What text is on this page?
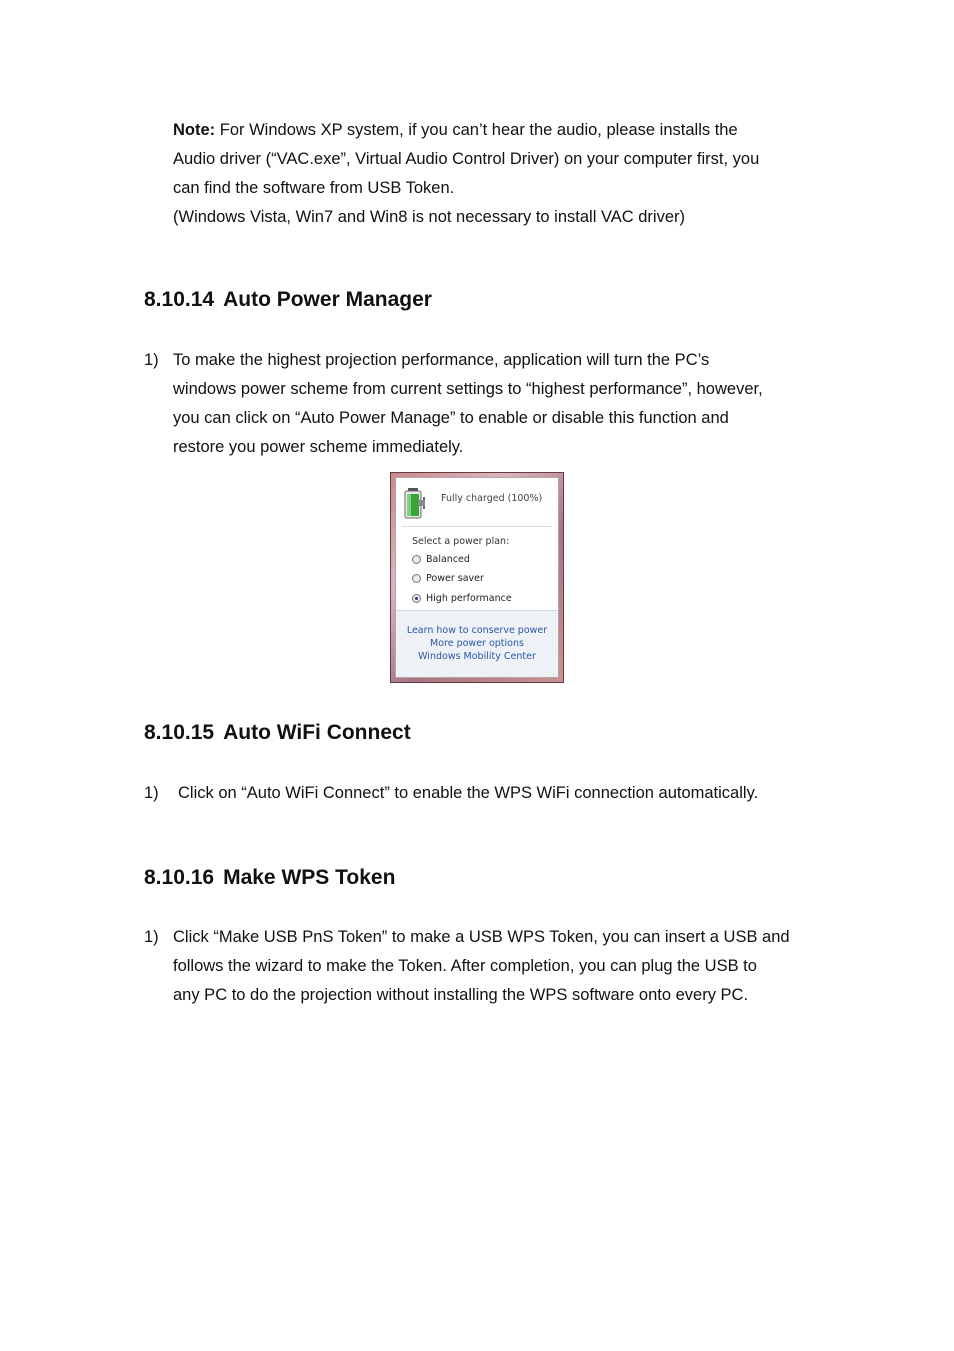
Note: For Windows XP system, if you can’t hear the audio, please installs the
Audio driver (“VAC.exe”, Virtual Audio Control Driver) on your computer first, you
can find the software from USB Token.
(Windows Vista, Win7 and Win8 is not necessary to install VAC driver)
8.10.14 Auto Power Manager
1) To make the highest projection performance, application will turn the PC’s
windows power scheme from current settings to “highest performance”, however,
you can click on “Auto Power Manage” to enable or disable this function and
restore you power scheme immediately.
Fully charged (100%)
Select a power plan:
Balanced
Power saver
High performance
Learn how to conserve power
More power options
Windows Mobility Center
8.10.15 Auto WiFi Connect
1) Click on “Auto WiFi Connect” to enable the WPS WiFi connection automatically.
8.10.16 Make WPS Token
1) Click “Make USB PnS Token” to make a USB WPS Token, you can insert a USB and
follows the wizard to make the Token. After completion, you can plug the USB to
any PC to do the projection without installing the WPS software onto every PC.
